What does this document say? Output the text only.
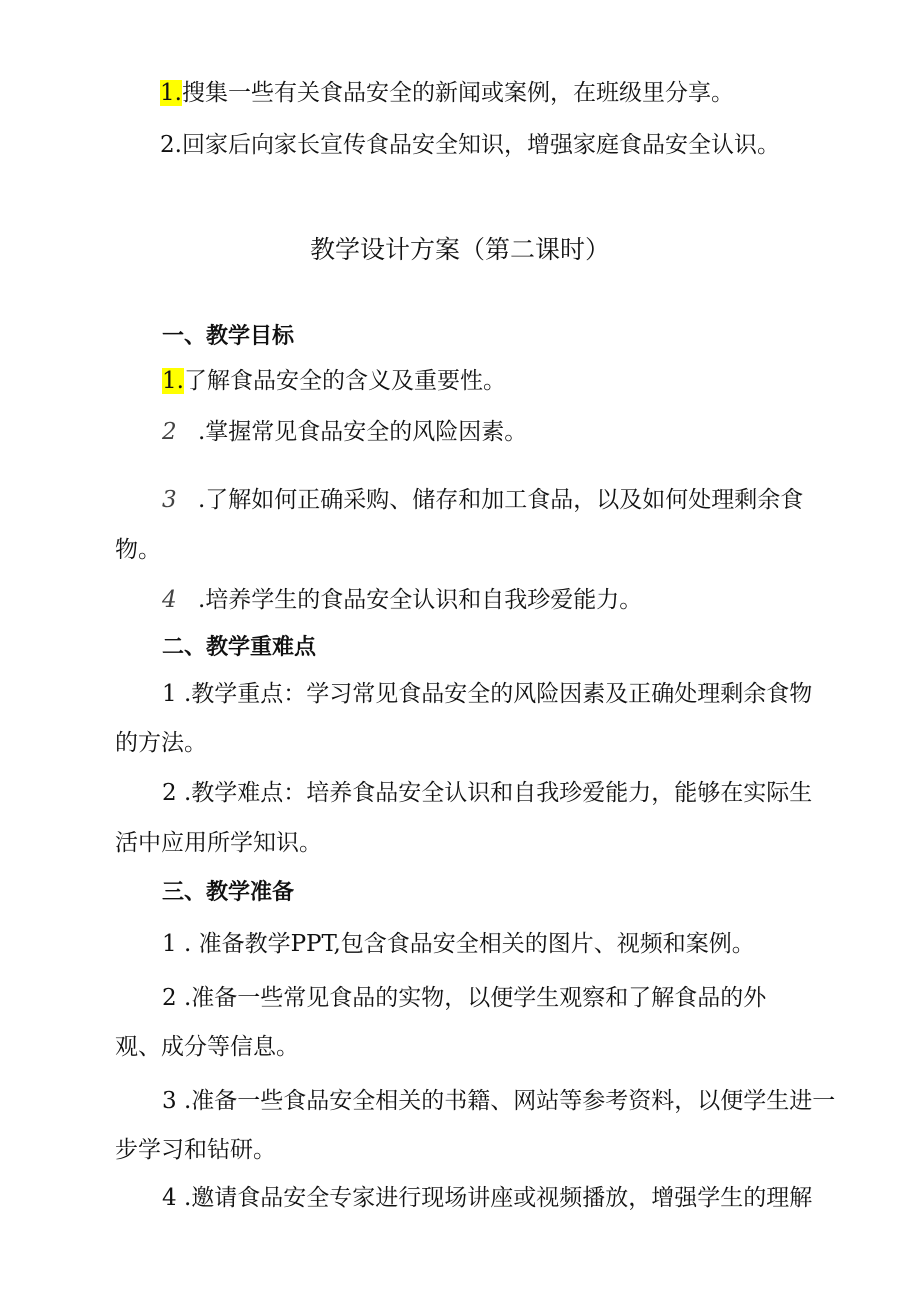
1.搜集一些有关食品安全的新闻或案例，在班级里分享。
2.回家后向家长宣传食品安全知识，增强家庭食品安全认识。
教学设计方案（第二课时）
一、教学目标
1.了解食品安全的含义及重要性。
2 .掌握常见食品安全的风险因素。
3 .了解如何正确采购、储存和加工食品，以及如何处理剩余食
物。
4 .培养学生的食品安全认识和自我珍爱能力。
二、教学重难点
1 .教学重点：学习常见食品安全的风险因素及正确处理剩余食物
的方法。
2 .教学难点：培养食品安全认识和自我珍爱能力，能够在实际生
活中应用所学知识。
三、教学准备
1 . 准备教学PPT,包含食品安全相关的图片、视频和案例。
2 .准备一些常见食品的实物，以便学生观察和了解食品的外
观、成分等信息。
3 .准备一些食品安全相关的书籍、网站等参考资料，以便学生进一
步学习和钻研。
4 .邀请食品安全专家进行现场讲座或视频播放，增强学生的理解
